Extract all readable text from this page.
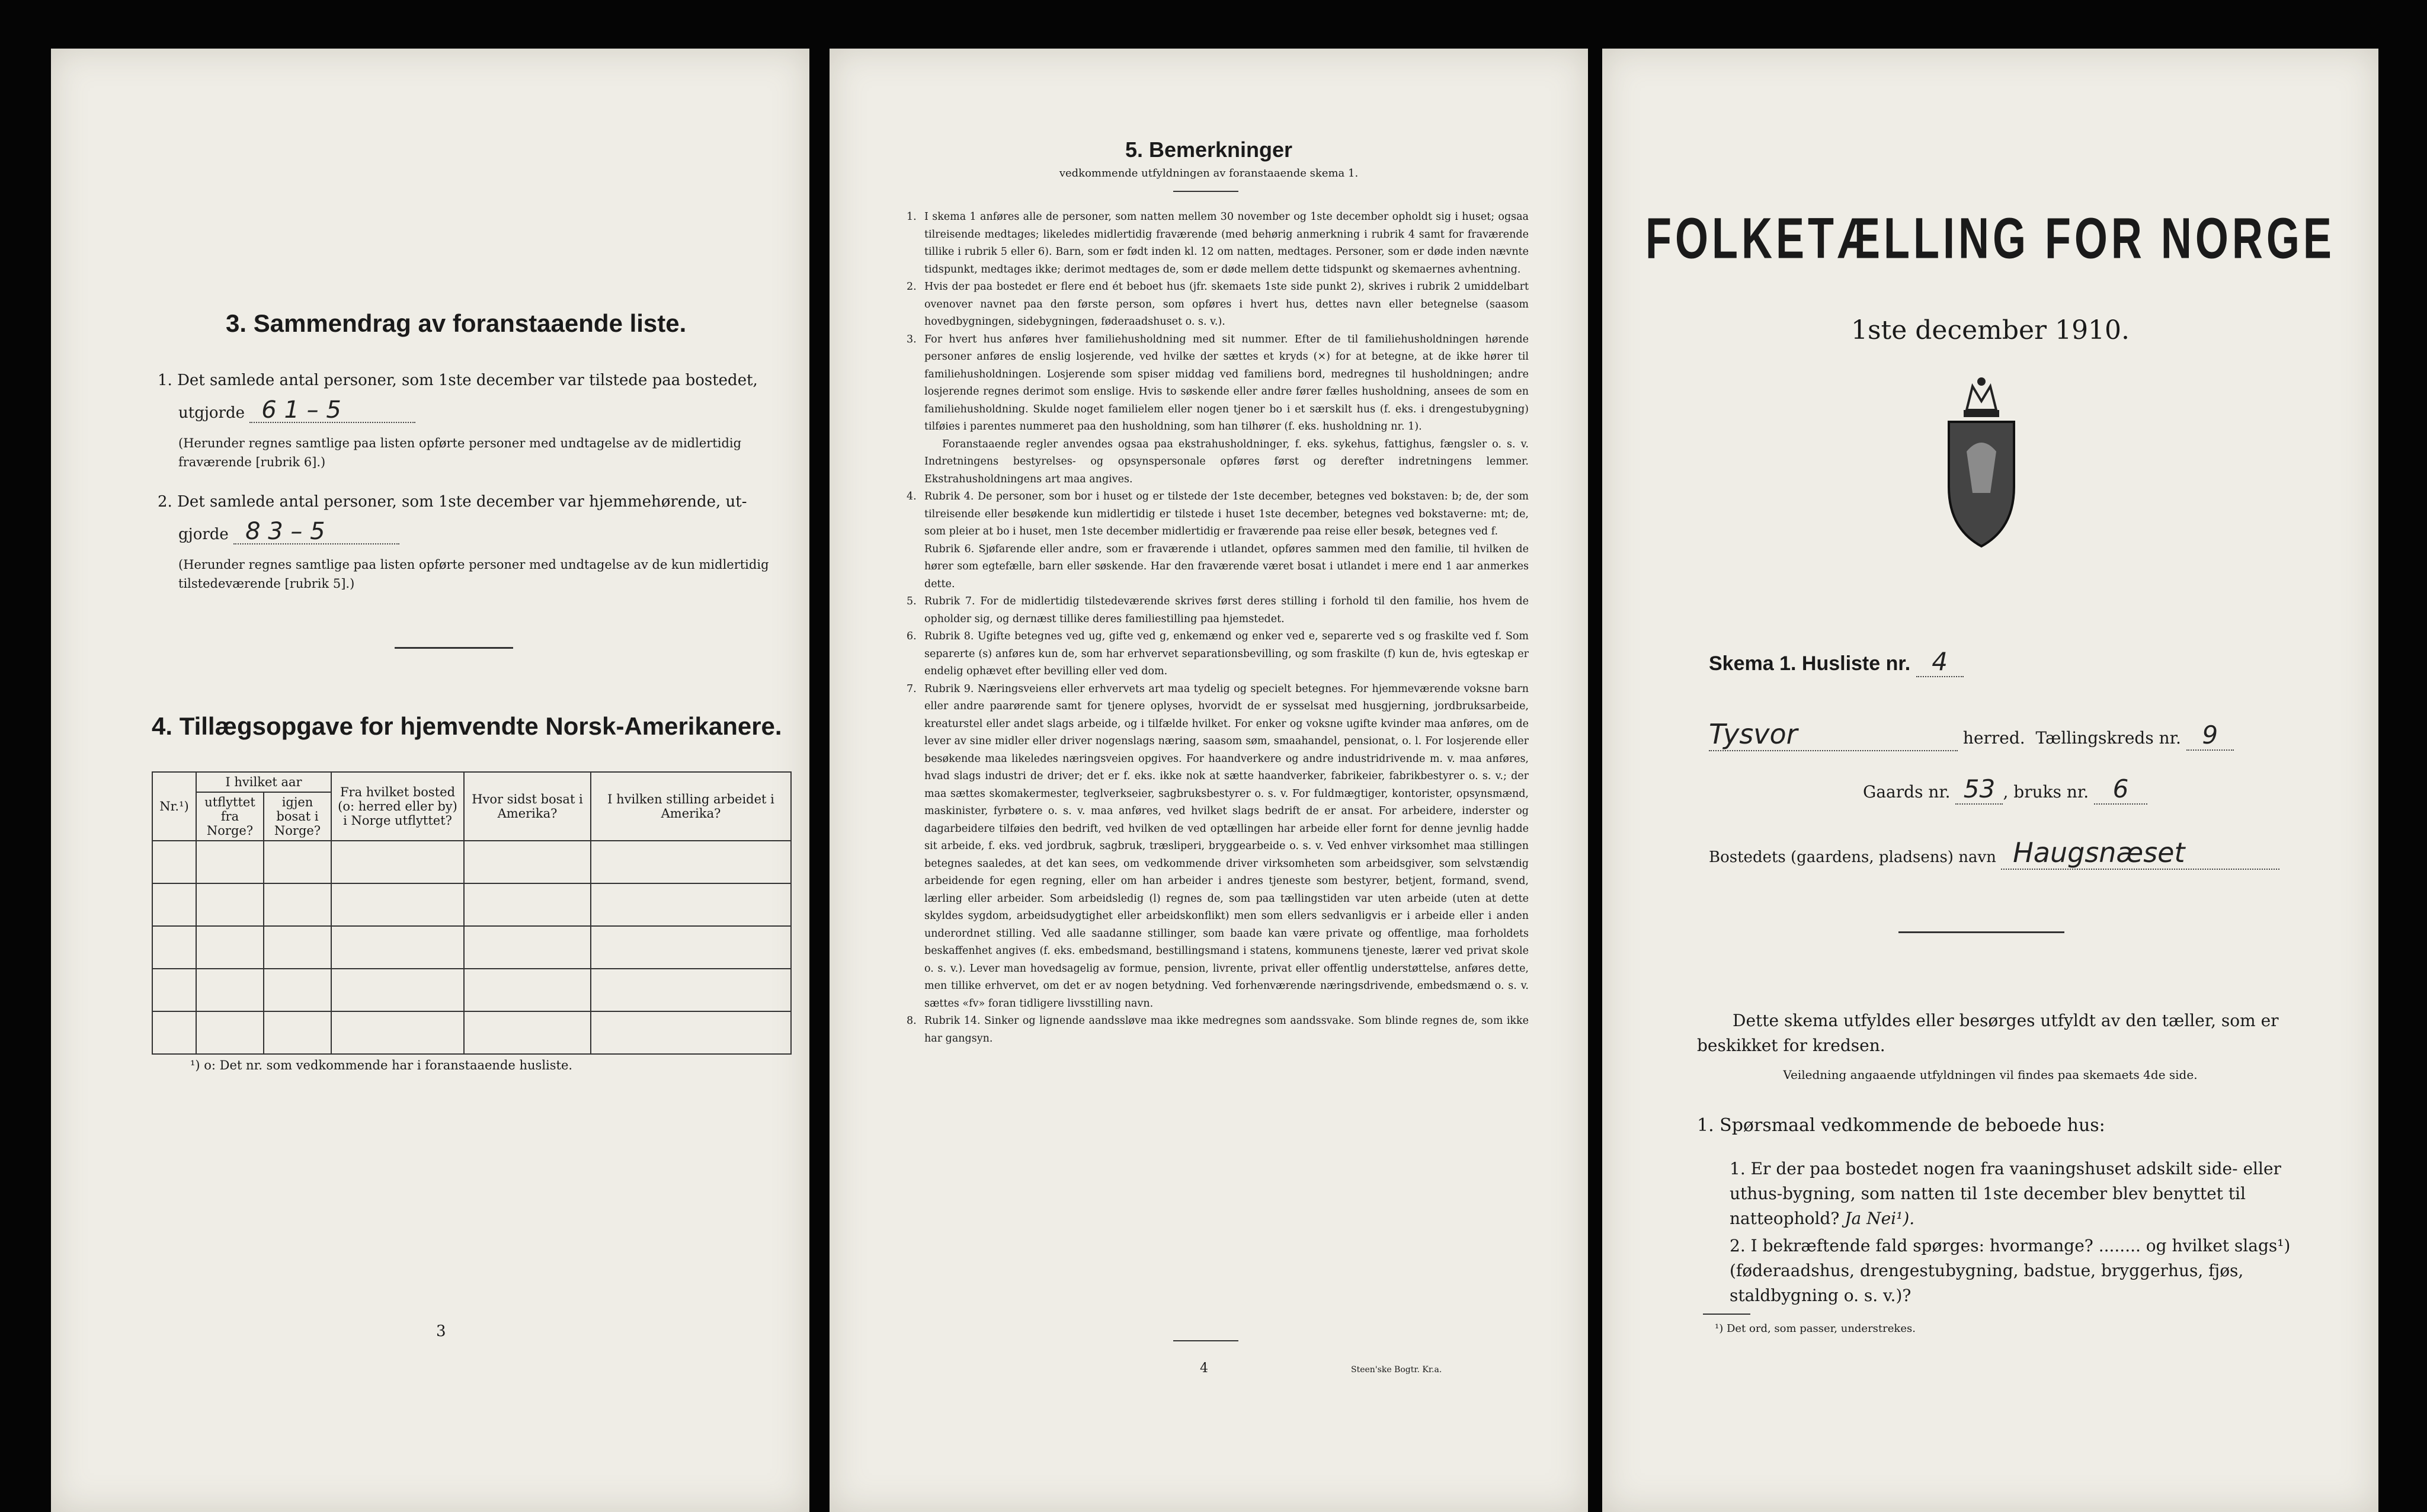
3. Sammendrag av foranstaaende liste.
1. Det samlede antal personer, som 1ste december var tilstede paa bostedet,
utgjorde 6 1 – 5
(Herunder regnes samtlige paa listen opførte personer med undtagelse av de midlertidig fraværende [rubrik 6].)
2. Det samlede antal personer, som 1ste december var hjemmehørende, ut-
gjorde 8 3 – 5
(Herunder regnes samtlige paa listen opførte personer med undtagelse av de kun midlertidig tilstedeværende [rubrik 5].)
4. Tillægsopgave for hjemvendte Norsk-Amerikanere.
Nr.¹)	I hvilket aar		Fra hvilket bosted (o: herred eller by) i Norge utflyttet?	Hvor sidst bosat i Amerika?	I hvilken stilling arbeidet i Amerika?
	utflyttet fra Norge?	igjen bosat i Norge?			

¹) o: Det nr. som vedkommende har i foranstaaende husliste.
3
5. Bemerkninger
vedkommende utfyldningen av foranstaaende skema 1.
1. I skema 1 anføres alle de personer, som natten mellem 30 november og 1ste december opholdt sig i huset; ogsaa tilreisende medtages; likeledes midlertidig fraværende (med behørig anmerkning i rubrik 4 samt for fraværende tillike i rubrik 5 eller 6). Barn, som er født inden kl. 12 om natten, medtages. Personer, som er døde inden nævnte tidspunkt, medtages ikke; derimot medtages de, som er døde mellem dette tidspunkt og skemaernes avhentning.
2. Hvis der paa bostedet er flere end ét beboet hus (jfr. skemaets 1ste side punkt 2), skrives i rubrik 2 umiddelbart ovenover navnet paa den første person, som opføres i hvert hus, dettes navn eller betegnelse (saasom hovedbygningen, sidebygningen, føderaadshuset o. s. v.).
3. For hvert hus anføres hver familiehusholdning med sit nummer. Efter de til familiehusholdningen hørende personer anføres de enslig losjerende, ved hvilke der sættes et kryds (×) for at betegne, at de ikke hører til familiehusholdningen. Losjerende som spiser middag ved familiens bord, medregnes til husholdningen; andre losjerende regnes derimot som enslige. Hvis to søskende eller andre fører fælles husholdning, ansees de som en familiehusholdning. Skulde noget familielem eller nogen tjener bo i et særskilt hus (f. eks. i drengestubygning) tilføies i parentes nummeret paa den husholdning, som han tilhører (f. eks. husholdning nr. 1).
Foranstaaende regler anvendes ogsaa paa ekstrahusholdninger, f. eks. sykehus, fattighus, fængsler o. s. v. Indretningens bestyrelses- og opsynspersonale opføres først og derefter indretningens lemmer. Ekstrahusholdningens art maa angives.
4. Rubrik 4. De personer, som bor i huset og er tilstede der 1ste december, betegnes ved bokstaven: b; de, der som tilreisende eller besøkende kun midlertidig er tilstede i huset 1ste december, betegnes ved bokstaverne: mt; de, som pleier at bo i huset, men 1ste december midlertidig er fraværende paa reise eller besøk, betegnes ved f.
Rubrik 6. Sjøfarende eller andre, som er fraværende i utlandet, opføres sammen med den familie, til hvilken de hører som egtefælle, barn eller søskende. Har den fraværende været bosat i utlandet i mere end 1 aar anmerkes dette.
5. Rubrik 7. For de midlertidig tilstedeværende skrives først deres stilling i forhold til den familie, hos hvem de opholder sig, og dernæst tillike deres familiestilling paa hjemstedet.
6. Rubrik 8. Ugifte betegnes ved ug, gifte ved g, enkemænd og enker ved e, separerte ved s og fraskilte ved f. Som separerte (s) anføres kun de, som har erhvervet separationsbevilling, og som fraskilte (f) kun de, hvis egteskap er endelig ophævet efter bevilling eller ved dom.
7. Rubrik 9. Næringsveiens eller erhvervets art maa tydelig og specielt betegnes. For hjemmeværende voksne barn eller andre paarørende samt for tjenere oplyses, hvorvidt de er sysselsat med husgjerning, jordbruksarbeide, kreaturstel eller andet slags arbeide, og i tilfælde hvilket. For enker og voksne ugifte kvinder maa anføres, om de lever av sine midler eller driver nogenslags næring, saasom søm, smaahandel, pensionat, o. l. For losjerende eller besøkende maa likeledes næringsveien opgives. For haandverkere og andre industridrivende m. v. maa anføres, hvad slags industri de driver; det er f. eks. ikke nok at sætte haandverker, fabrikeier, fabrikbestyrer o. s. v.; der maa sættes skomakermester, teglverkseier, sagbruksbestyrer o. s. v. For fuldmægtiger, kontorister, opsynsmænd, maskinister, fyrbøtere o. s. v. maa anføres, ved hvilket slags bedrift de er ansat. For arbeidere, inderster og dagarbeidere tilføies den bedrift, ved hvilken de ved optællingen har arbeide eller fornt for denne jevnlig hadde sit arbeide, f. eks. ved jordbruk, sagbruk, træsliperi, bryggearbeide o. s. v. Ved enhver virksomhet maa stillingen betegnes saaledes, at det kan sees, om vedkommende driver virksomheten som arbeidsgiver, som selvstændig arbeidende for egen regning, eller om han arbeider i andres tjeneste som bestyrer, betjent, formand, svend, lærling eller arbeider. Som arbeidsledig (l) regnes de, som paa tællingstiden var uten arbeide (uten at dette skyldes sygdom, arbeidsudygtighet eller arbeidskonflikt) men som ellers sedvanligvis er i arbeide eller i anden underordnet stilling. Ved alle saadanne stillinger, som baade kan være private og offentlige, maa forholdets beskaffenhet angives (f. eks. embedsmand, bestillingsmand i statens, kommunens tjeneste, lærer ved privat skole o. s. v.). Lever man hovedsagelig av formue, pension, livrente, privat eller offentlig understøttelse, anføres dette, men tillike erhvervet, om det er av nogen betydning. Ved forhenværende næringsdrivende, embedsmænd o. s. v. sættes «fv» foran tidligere livsstilling navn.
8. Rubrik 14. Sinker og lignende aandssløve maa ikke medregnes som aandssvake. Som blinde regnes de, som ikke har gangsyn.
4	Steen'ske Bogtr. Kr.a.
FOLKETÆLLING FOR NORGE
1ste december 1910.
Skema 1. Husliste nr. 4
Tysvor	herred. Tællingskreds nr. 9
Gaards nr. 53 , bruks nr. 6
Bostedets (gaardens, pladsens) navn Haugsnæset
Dette skema utfyldes eller besørges utfyldt av den tæller, som er beskikket for kredsen.
Veiledning angaaende utfyldningen vil findes paa skemaets 4de side.
1. Spørsmaal vedkommende de beboede hus:
1. Er der paa bostedet nogen fra vaaningshuset adskilt side- eller uthus-bygning, som natten til 1ste december blev benyttet til natteophold? Ja Nei¹).
2. I bekræftende fald spørges: hvormange? ........ og hvilket slags¹) (føderaadshus, drengestubygning, badstue, bryggerhus, fjøs, staldbygning o. s. v.)?
¹) Det ord, som passer, understrekes.
